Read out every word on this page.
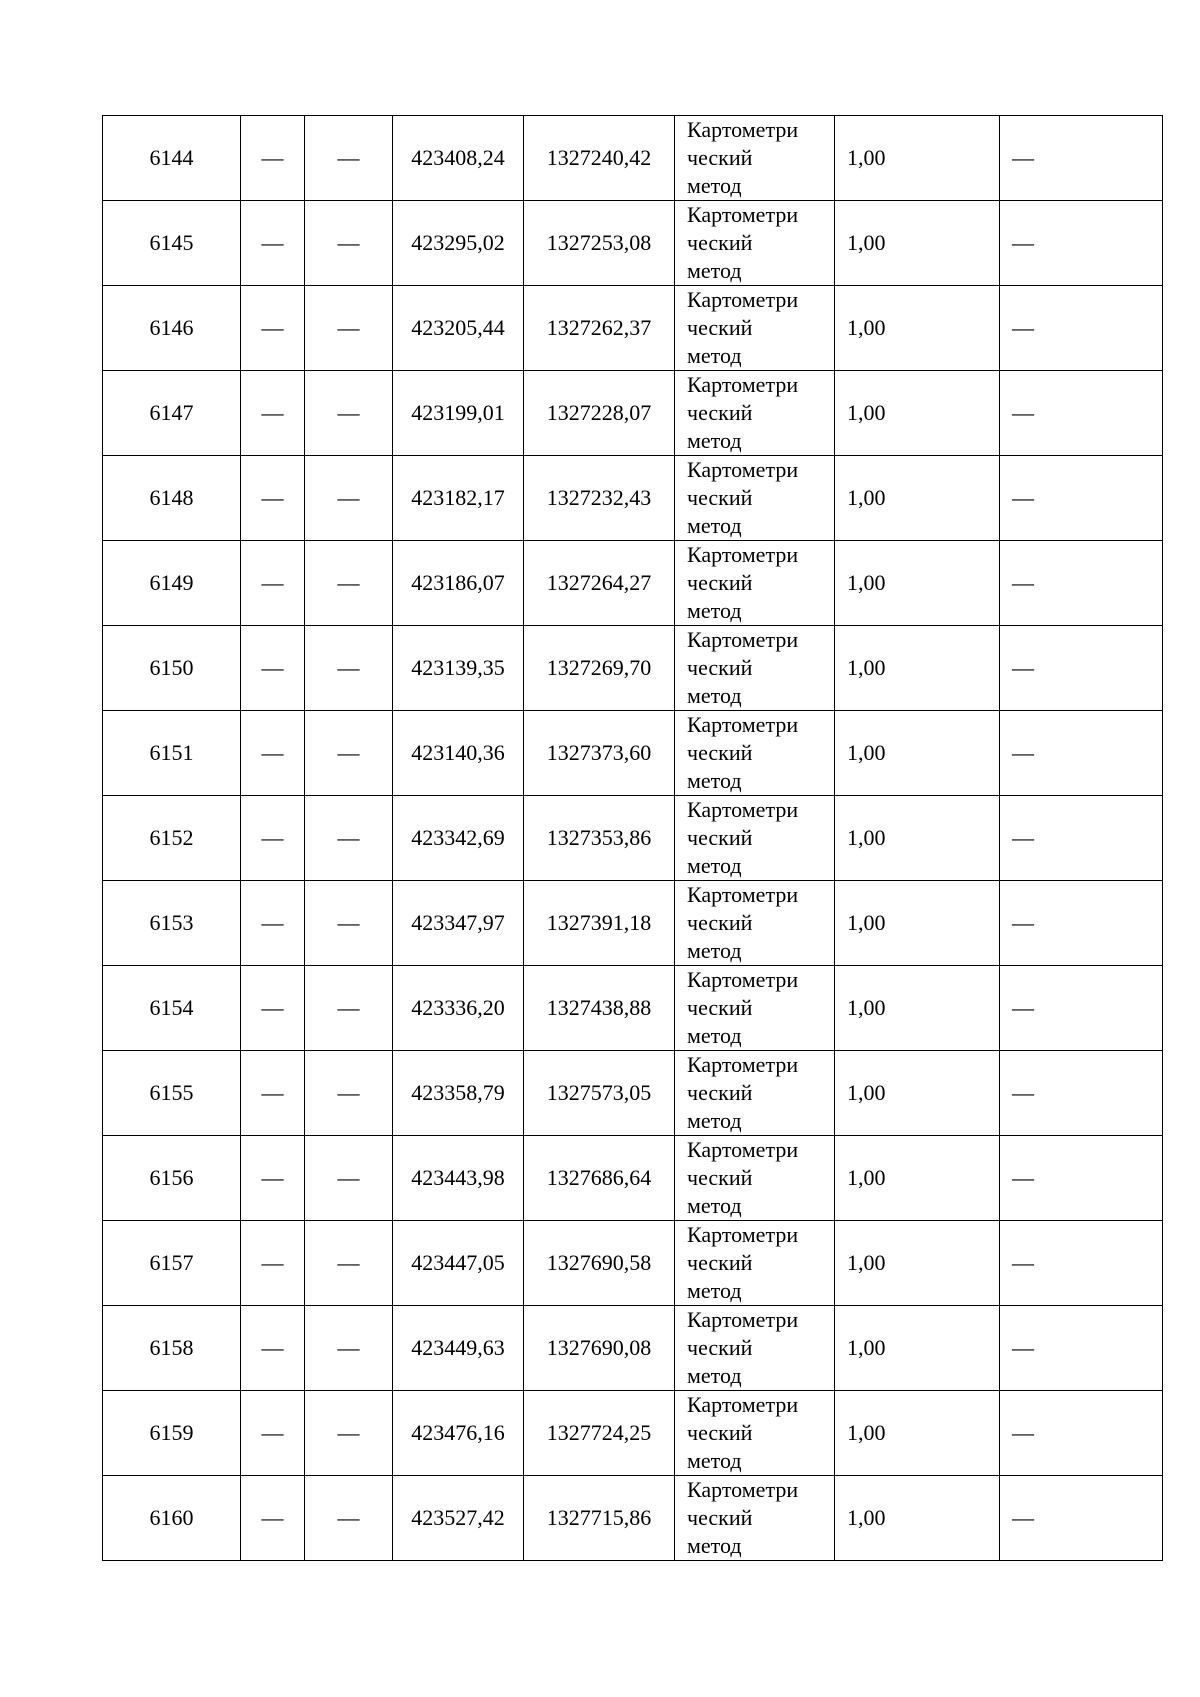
6144	—	—	423408,24	1327240,42	Картометри
ческий
метод	1,00	—
6145	—	—	423295,02	1327253,08	Картометри
ческий
метод	1,00	—
6146	—	—	423205,44	1327262,37	Картометри
ческий
метод	1,00	—
6147	—	—	423199,01	1327228,07	Картометри
ческий
метод	1,00	—
6148	—	—	423182,17	1327232,43	Картометри
ческий
метод	1,00	—
6149	—	—	423186,07	1327264,27	Картометри
ческий
метод	1,00	—
6150	—	—	423139,35	1327269,70	Картометри
ческий
метод	1,00	—
6151	—	—	423140,36	1327373,60	Картометри
ческий
метод	1,00	—
6152	—	—	423342,69	1327353,86	Картометри
ческий
метод	1,00	—
6153	—	—	423347,97	1327391,18	Картометри
ческий
метод	1,00	—
6154	—	—	423336,20	1327438,88	Картометри
ческий
метод	1,00	—
6155	—	—	423358,79	1327573,05	Картометри
ческий
метод	1,00	—
6156	—	—	423443,98	1327686,64	Картометри
ческий
метод	1,00	—
6157	—	—	423447,05	1327690,58	Картометри
ческий
метод	1,00	—
6158	—	—	423449,63	1327690,08	Картометри
ческий
метод	1,00	—
6159	—	—	423476,16	1327724,25	Картометри
ческий
метод	1,00	—
6160	—	—	423527,42	1327715,86	Картометри
ческий
метод	1,00	—
